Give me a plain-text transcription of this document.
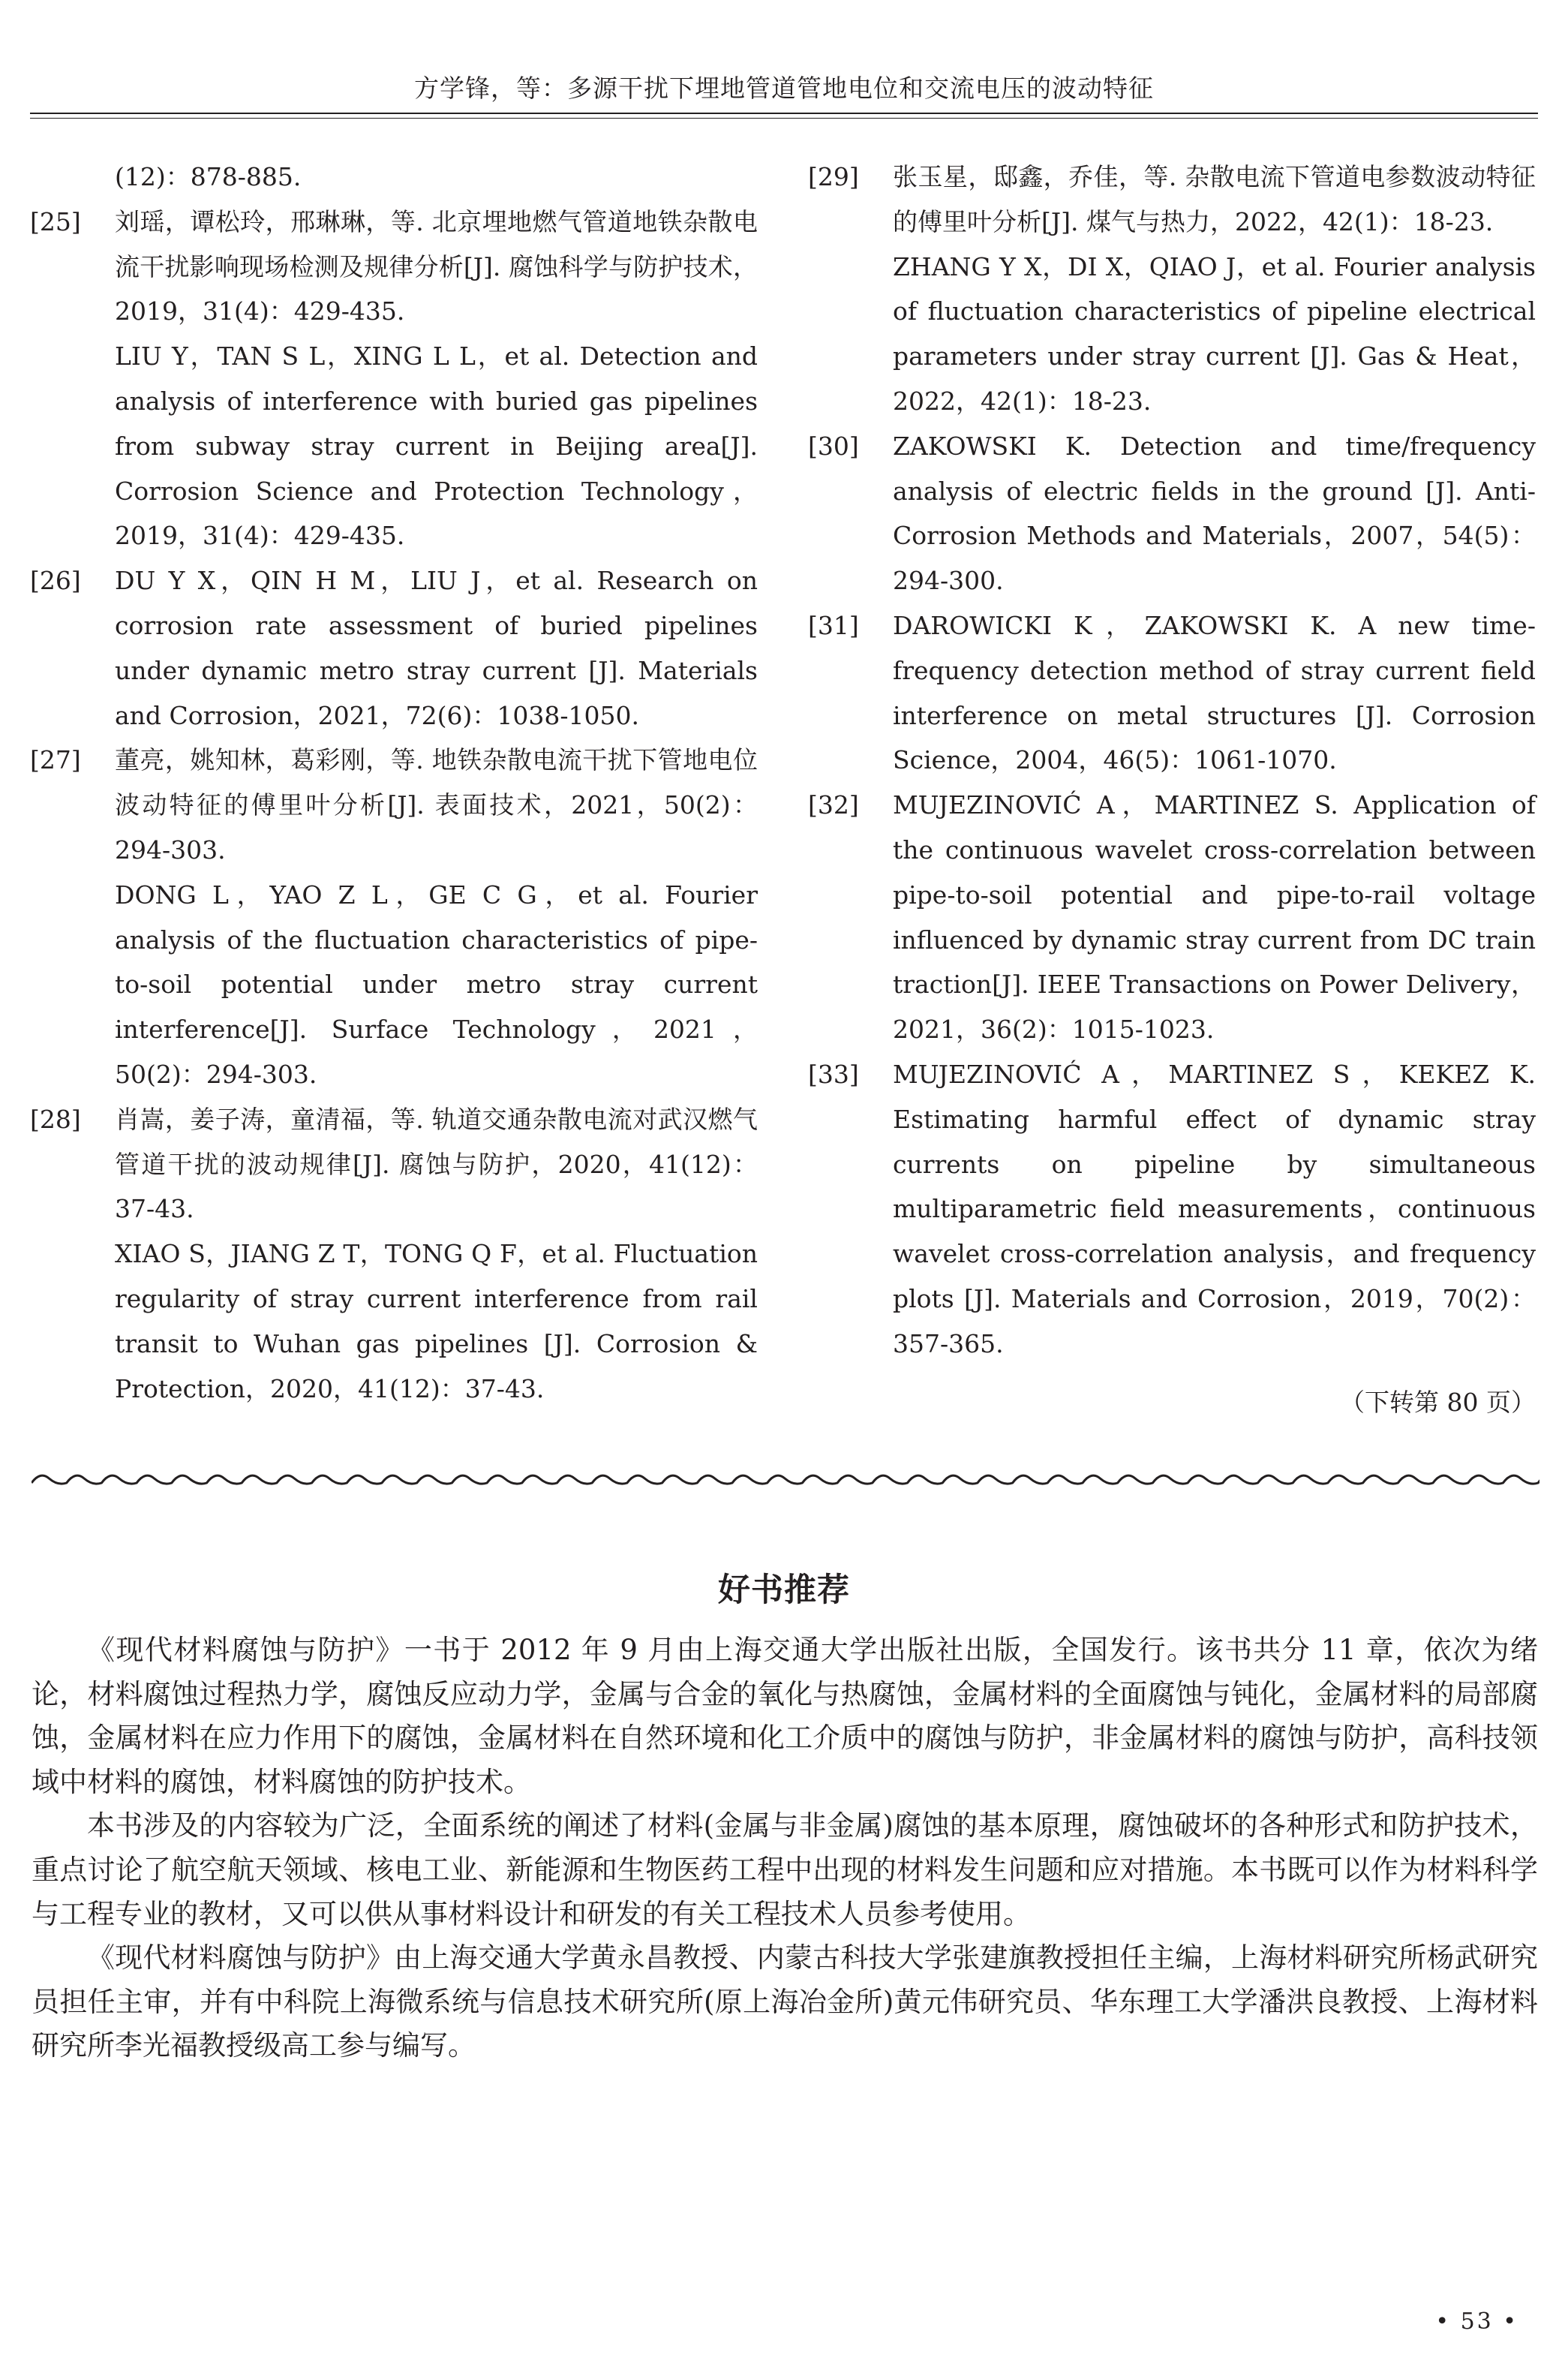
方学锋，等：多源干扰下埋地管道管地电位和交流电压的波动特征

(12)：878-885.

[25]	刘瑶，谭松玲，邢琳琳，等. 北京埋地燃气管道地铁杂散电流干扰影响现场检测及规律分析[J]. 腐蚀科学与防护技术，2019，31(4)：429-435.

LIU Y，TAN S L，XING L L，et al. Detection and analysis of interference with buried gas pipelines from subway stray current in Beijing area[J]. Corrosion Science and Protection Technology，2019，31(4)：429-435.

[26]	DU Y X，QIN H M，LIU J，et al. Research on corrosion rate assessment of buried pipelines under dynamic metro stray current [J]. Materials and Corrosion，2021，72(6)：1038-1050.

[27]	董亮，姚知林，葛彩刚，等. 地铁杂散电流干扰下管地电位波动特征的傅里叶分析[J]. 表面技术，2021，50(2)：294-303.

DONG L，YAO Z L，GE C G，et al. Fourier analysis of the fluctuation characteristics of pipe-to-soil potential under metro stray current interference[J]. Surface Technology，2021，50(2)：294-303.

[28]	肖嵩，姜子涛，童清福，等. 轨道交通杂散电流对武汉燃气管道干扰的波动规律[J]. 腐蚀与防护，2020，41(12)：37-43.

XIAO S，JIANG Z T，TONG Q F，et al. Fluctuation regularity of stray current interference from rail transit to Wuhan gas pipelines [J]. Corrosion & Protection，2020，41(12)：37-43.

[29]	张玉星，邸鑫，乔佳，等. 杂散电流下管道电参数波动特征的傅里叶分析[J]. 煤气与热力，2022，42(1)：18-23.

ZHANG Y X，DI X，QIAO J，et al. Fourier analysis of fluctuation characteristics of pipeline electrical parameters under stray current [J]. Gas & Heat，2022，42(1)：18-23.

[30]	ZAKOWSKI K. Detection and time/frequency analysis of electric fields in the ground [J]. Anti-Corrosion Methods and Materials，2007，54(5)：294-300.

[31]	DAROWICKI K，ZAKOWSKI K. A new time-frequency detection method of stray current field interference on metal structures [J]. Corrosion Science，2004，46(5)：1061-1070.

[32]	MUJEZINOVIĆ A，MARTINEZ S. Application of the continuous wavelet cross-correlation between pipe-to-soil potential and pipe-to-rail voltage influenced by dynamic stray current from DC train traction[J]. IEEE Transactions on Power Delivery，2021，36(2)：1015-1023.

[33]	MUJEZINOVIĆ A，MARTINEZ S，KEKEZ K. Estimating harmful effect of dynamic stray currents on pipeline by simultaneous multiparametric field measurements，continuous wavelet cross-correlation analysis，and frequency plots [J]. Materials and Corrosion，2019，70(2)：357-365.

（下转第 80 页）

好书推荐

《现代材料腐蚀与防护》一书于 2012 年 9 月由上海交通大学出版社出版，全国发行。该书共分 11 章，依次为绪论，材料腐蚀过程热力学，腐蚀反应动力学，金属与合金的氧化与热腐蚀，金属材料的全面腐蚀与钝化，金属材料的局部腐蚀，金属材料在应力作用下的腐蚀，金属材料在自然环境和化工介质中的腐蚀与防护，非金属材料的腐蚀与防护，高科技领域中材料的腐蚀，材料腐蚀的防护技术。

本书涉及的内容较为广泛，全面系统的阐述了材料(金属与非金属)腐蚀的基本原理，腐蚀破坏的各种形式和防护技术，重点讨论了航空航天领域、核电工业、新能源和生物医药工程中出现的材料发生问题和应对措施。本书既可以作为材料科学与工程专业的教材，又可以供从事材料设计和研发的有关工程技术人员参考使用。

《现代材料腐蚀与防护》由上海交通大学黄永昌教授、内蒙古科技大学张建旗教授担任主编，上海材料研究所杨武研究员担任主审，并有中科院上海微系统与信息技术研究所(原上海冶金所)黄元伟研究员、华东理工大学潘洪良教授、上海材料研究所李光福教授级高工参与编写。

• 53 •
